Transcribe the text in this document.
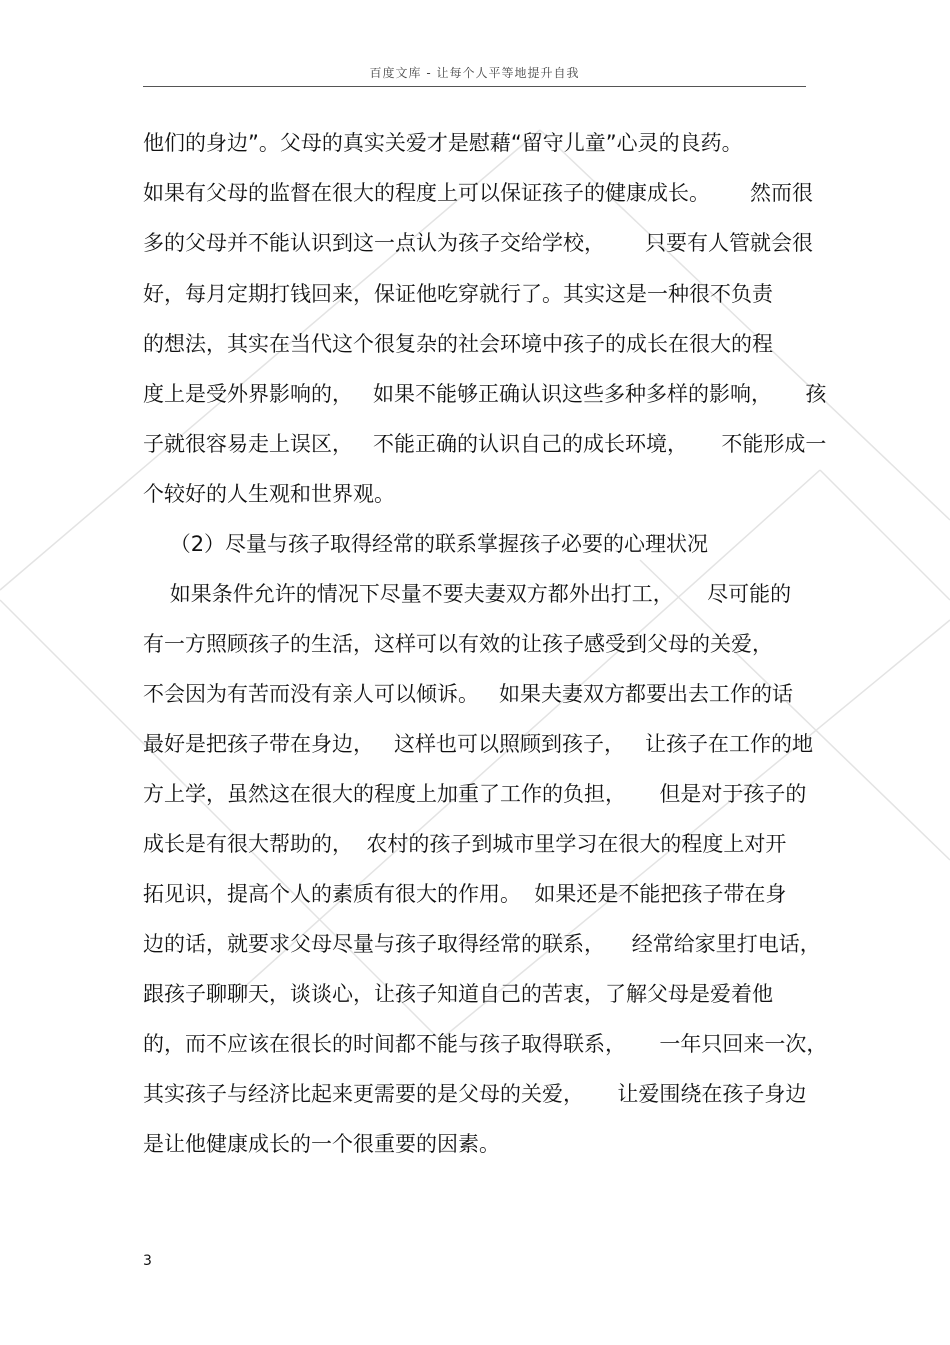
百度文库 - 让每个人平等地提升自我
他们的身边”。父母的真实关爱才是慰藉“留守儿童”心灵的良药。
如果有父母的监督在很大的程度上可以保证孩子的健康成长。      然而很
多的父母并不能认识到这一点认为孩子交给学校，      只要有人管就会很
好，每月定期打钱回来，保证他吃穿就行了。其实这是一种很不负责
的想法，其实在当代这个很复杂的社会环境中孩子的成长在很大的程
度上是受外界影响的，   如果不能够正确认识这些多种多样的影响，     孩
子就很容易走上误区，   不能正确的认识自己的成长环境，     不能形成一
个较好的人生观和世界观。
（2）尽量与孩子取得经常的联系掌握孩子必要的心理状况
如果条件允许的情况下尽量不要夫妻双方都外出打工，     尽可能的
有一方照顾孩子的生活，这样可以有效的让孩子感受到父母的关爱，
不会因为有苦而没有亲人可以倾诉。   如果夫妻双方都要出去工作的话
最好是把孩子带在身边，   这样也可以照顾到孩子，   让孩子在工作的地
方上学，虽然这在很大的程度上加重了工作的负担，     但是对于孩子的
成长是有很大帮助的，  农村的孩子到城市里学习在很大的程度上对开
拓见识，提高个人的素质有很大的作用。  如果还是不能把孩子带在身
边的话，就要求父母尽量与孩子取得经常的联系，    经常给家里打电话，
跟孩子聊聊天，谈谈心，让孩子知道自己的苦衷，了解父母是爱着他
的，而不应该在很长的时间都不能与孩子取得联系，     一年只回来一次，
其实孩子与经济比起来更需要的是父母的关爱，     让爱围绕在孩子身边
是让他健康成长的一个很重要的因素。
3
